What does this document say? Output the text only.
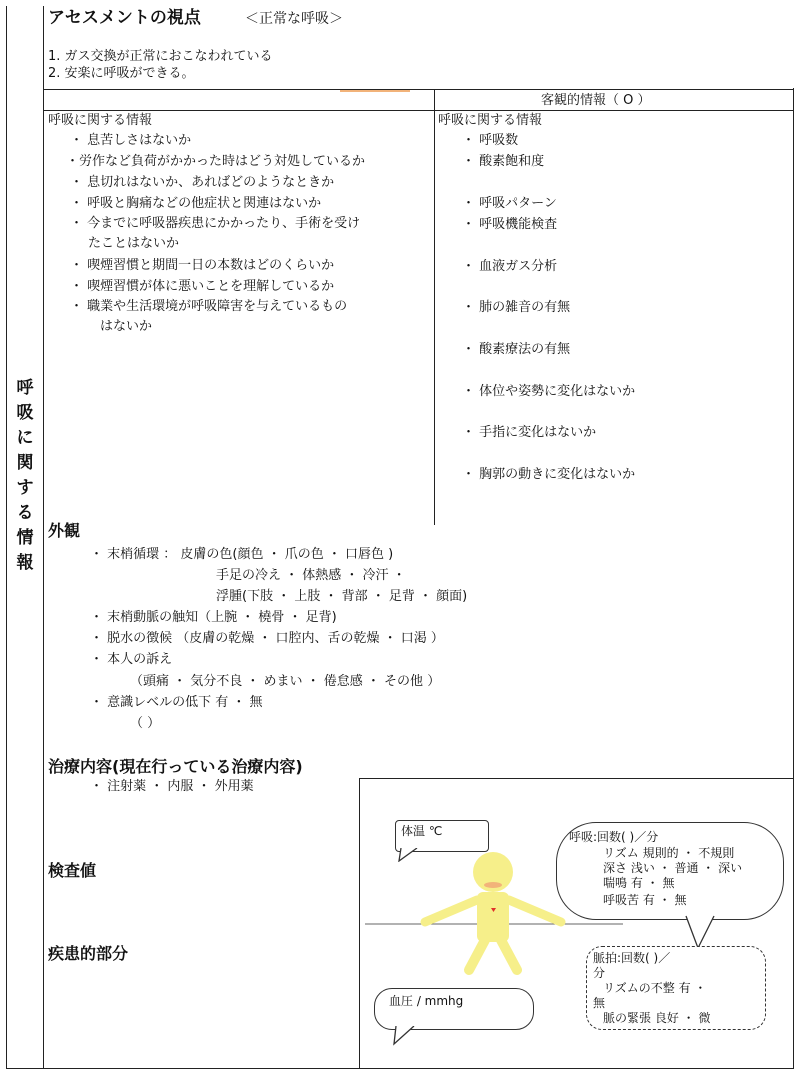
呼
吸
に
関
す
る
情
報
アセスメントの視点	＜正常な呼吸＞
1. ガス交換が正常におこなわれている
2. 安楽に呼吸ができる。
客観的情報（ O ）
呼吸に関する情報
・ 息苦しさはないか
・労作など負荷がかかった時はどう対処しているか
・ 息切れはないか、あればどのようなときか
・ 呼吸と胸痛などの他症状と関連はないか
・ 今までに呼吸器疾患にかかったり、手術を受け
たことはないか
・ 喫煙習慣と期間一日の本数はどのくらいか
・ 喫煙習慣が体に悪いことを理解しているか
・ 職業や生活環境が呼吸障害を与えているもの
はないか
呼吸に関する情報
・ 呼吸数
・ 酸素飽和度
・ 呼吸パターン
・ 呼吸機能検査
・ 血液ガス分析
・ 肺の雑音の有無
・ 酸素療法の有無
・ 体位や姿勢に変化はないか
・ 手指に変化はないか
・ 胸郭の動きに変化はないか
外観
・ 末梢循環 ： 皮膚の色(顔色 ・ 爪の色 ・ 口唇色 )
手足の冷え ・ 体熱感 ・ 冷汗 ・
浮腫(下肢 ・ 上肢 ・ 背部 ・ 足背 ・ 顔面)
・ 末梢動脈の触知（上腕 ・ 橈骨 ・ 足背)
・ 脱水の徴候 （皮膚の乾燥 ・ 口腔内、舌の乾燥 ・ 口渇 ）
・ 本人の訴え
（頭痛 ・ 気分不良 ・ めまい ・ 倦怠感 ・ その他 ）
・ 意識レベルの低下 有 ・ 無
（ ）
治療内容(現在行っている治療内容)
・ 注射薬 ・ 内服 ・ 外用薬
検査値
疾患的部分
体温 ℃	呼吸:回数( )／分
リズム 規則的 ・ 不規則
深さ 浅い ・ 普通 ・ 深い
喘鳴 有 ・ 無
呼吸苦 有 ・ 無
脈拍:回数( )／
分
リズムの不整 有 ・
無
脈の緊張 良好 ・ 微
血圧 / mmhg
